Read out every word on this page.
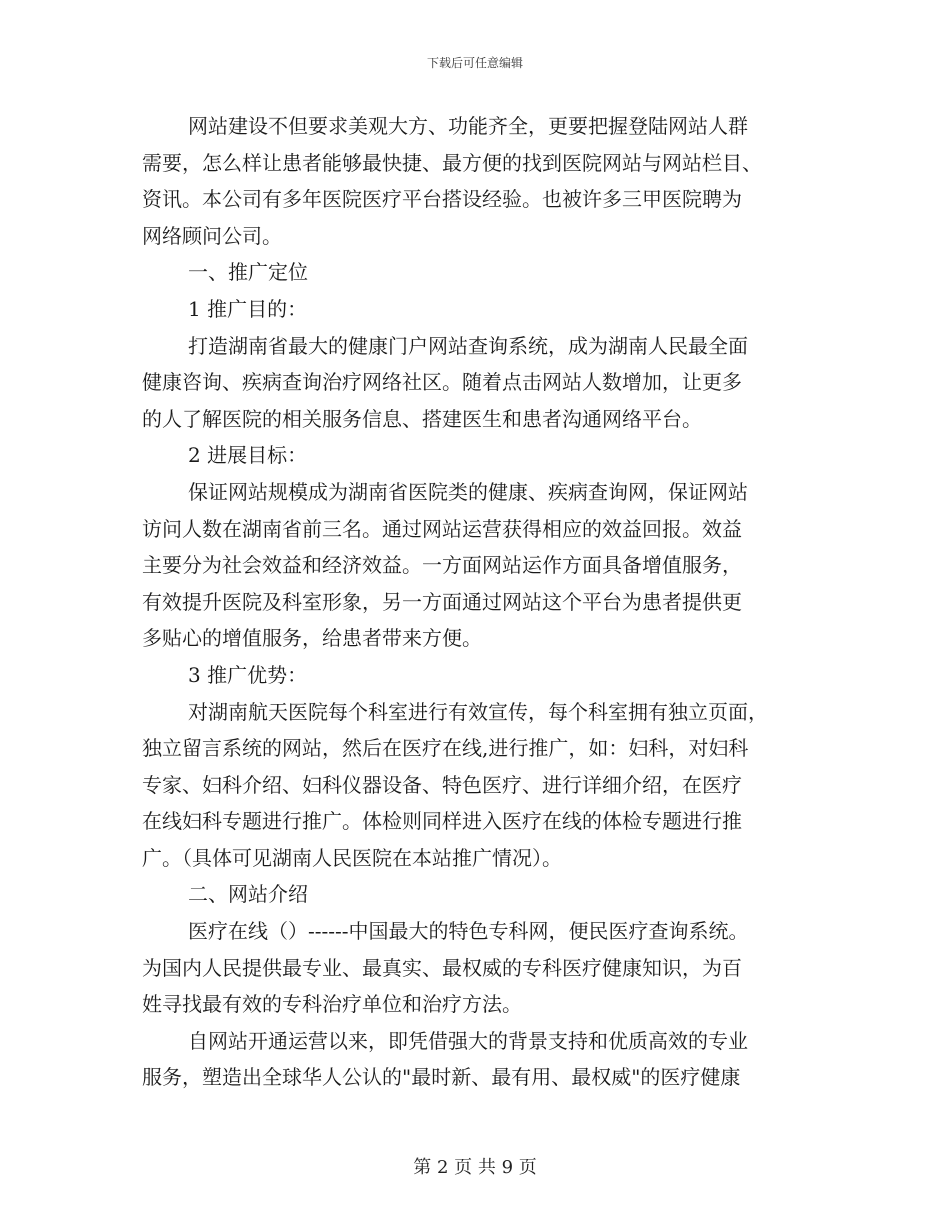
下载后可任意编辑
网站建设不但要求美观大方、功能齐全，更要把握登陆网站人群
需要，怎么样让患者能够最快捷、最方便的找到医院网站与网站栏目、
资讯。本公司有多年医院医疗平台搭设经验。也被许多三甲医院聘为
网络顾问公司。
一、推广定位
1 推广目的：
打造湖南省最大的健康门户网站查询系统，成为湖南人民最全面
健康咨询、疾病查询治疗网络社区。随着点击网站人数增加，让更多
的人了解医院的相关服务信息、搭建医生和患者沟通网络平台。
2 进展目标：
保证网站规模成为湖南省医院类的健康、疾病查询网，保证网站
访问人数在湖南省前三名。通过网站运营获得相应的效益回报。效益
主要分为社会效益和经济效益。一方面网站运作方面具备增值服务，
有效提升医院及科室形象，另一方面通过网站这个平台为患者提供更
多贴心的增值服务，给患者带来方便。
3 推广优势：
对湖南航天医院每个科室进行有效宣传，每个科室拥有独立页面，
独立留言系统的网站，然后在医疗在线,进行推广，如：妇科，对妇科
专家、妇科介绍、妇科仪器设备、特色医疗、进行详细介绍，在医疗
在线妇科专题进行推广。体检则同样进入医疗在线的体检专题进行推
广。（具体可见湖南人民医院在本站推广情况）。
二、网站介绍
医疗在线（）------中国最大的特色专科网，便民医疗查询系统。
为国内人民提供最专业、最真实、最权威的专科医疗健康知识，为百
姓寻找最有效的专科治疗单位和治疗方法。
自网站开通运营以来，即凭借强大的背景支持和优质高效的专业
服务，塑造出全球华人公认的"最时新、最有用、最权威"的医疗健康
第 2 页 共 9 页
